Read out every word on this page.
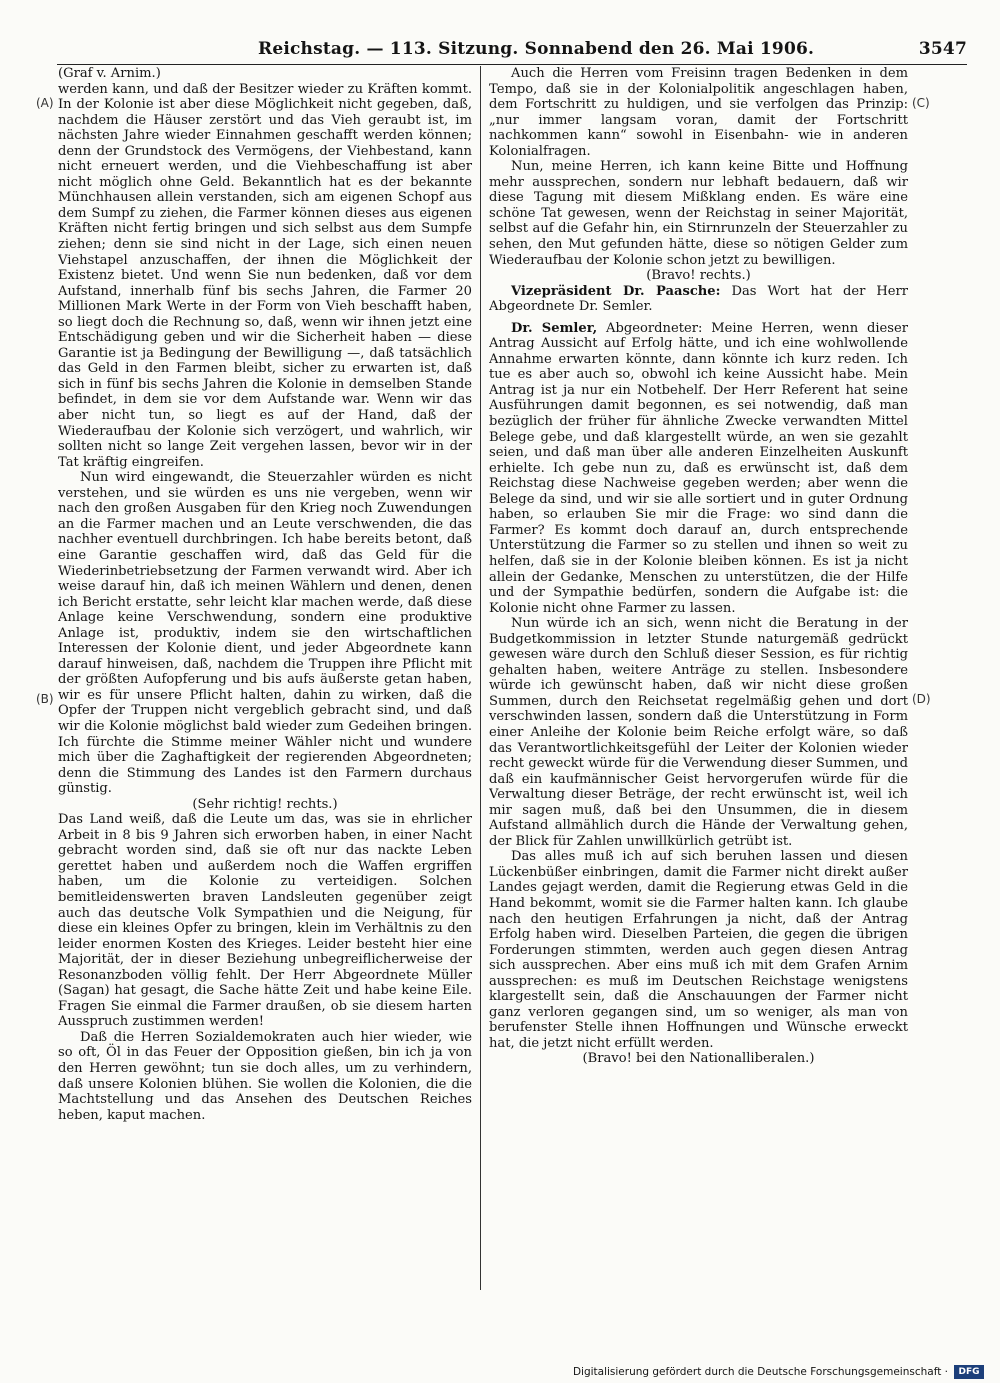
Reichstag. — 113. Sitzung. Sonnabend den 26. Mai 1906.	3547
(A)
(B)
(C)
(D)

(Graf v. Arnim.)

werden kann, und daß der Besitzer wieder zu Kräften kommt. In der Kolonie ist aber diese Möglichkeit nicht gegeben, daß, nachdem die Häuser zerstört und das Vieh geraubt ist, im nächsten Jahre wieder Einnahmen geschafft werden können; denn der Grundstock des Vermögens, der Viehbestand, kann nicht erneuert werden, und die Viehbeschaffung ist aber nicht möglich ohne Geld. Bekanntlich hat es der bekannte Münchhausen allein verstanden, sich am eigenen Schopf aus dem Sumpf zu ziehen, die Farmer können dieses aus eigenen Kräften nicht fertig bringen und sich selbst aus dem Sumpfe ziehen; denn sie sind nicht in der Lage, sich einen neuen Viehstapel anzuschaffen, der ihnen die Möglichkeit der Existenz bietet. Und wenn Sie nun bedenken, daß vor dem Aufstand, innerhalb fünf bis sechs Jahren, die Farmer 20 Millionen Mark Werte in der Form von Vieh beschafft haben, so liegt doch die Rechnung so, daß, wenn wir ihnen jetzt eine Entschädigung geben und wir die Sicherheit haben — diese Garantie ist ja Bedingung der Bewilligung —, daß tatsächlich das Geld in den Farmen bleibt, sicher zu erwarten ist, daß sich in fünf bis sechs Jahren die Kolonie in demselben Stande befindet, in dem sie vor dem Aufstande war. Wenn wir das aber nicht tun, so liegt es auf der Hand, daß der Wiederaufbau der Kolonie sich verzögert, und wahrlich, wir sollten nicht so lange Zeit vergehen lassen, bevor wir in der Tat kräftig eingreifen.

Nun wird eingewandt, die Steuerzahler würden es nicht verstehen, und sie würden es uns nie vergeben, wenn wir nach den großen Ausgaben für den Krieg noch Zuwendungen an die Farmer machen und an Leute verschwenden, die das nachher eventuell durchbringen. Ich habe bereits betont, daß eine Garantie geschaffen wird, daß das Geld für die Wiederinbetriebsetzung der Farmen verwandt wird. Aber ich weise darauf hin, daß ich meinen Wählern und denen, denen ich Bericht erstatte, sehr leicht klar machen werde, daß diese Anlage keine Verschwendung, sondern eine produktive Anlage ist, produktiv, indem sie den wirtschaftlichen Interessen der Kolonie dient, und jeder Abgeordnete kann darauf hinweisen, daß, nachdem die Truppen ihre Pflicht mit der größten Aufopferung und bis aufs äußerste getan haben, wir es für unsere Pflicht halten, dahin zu wirken, daß die Opfer der Truppen nicht vergeblich gebracht sind, und daß wir die Kolonie möglichst bald wieder zum Gedeihen bringen. Ich fürchte die Stimme meiner Wähler nicht und wundere mich über die Zaghaftigkeit der regierenden Abgeordneten; denn die Stimmung des Landes ist den Farmern durchaus günstig.

(Sehr richtig! rechts.)

Das Land weiß, daß die Leute um das, was sie in ehrlicher Arbeit in 8 bis 9 Jahren sich erworben haben, in einer Nacht gebracht worden sind, daß sie oft nur das nackte Leben gerettet haben und außerdem noch die Waffen ergriffen haben, um die Kolonie zu verteidigen. Solchen bemitleidenswerten braven Landsleuten gegenüber zeigt auch das deutsche Volk Sympathien und die Neigung, für diese ein kleines Opfer zu bringen, klein im Verhältnis zu den leider enormen Kosten des Krieges. Leider besteht hier eine Majorität, der in dieser Beziehung unbegreiflicherweise der Resonanzboden völlig fehlt. Der Herr Abgeordnete Müller (Sagan) hat gesagt, die Sache hätte Zeit und habe keine Eile. Fragen Sie einmal die Farmer draußen, ob sie diesem harten Ausspruch zustimmen werden!

Daß die Herren Sozialdemokraten auch hier wieder, wie so oft, Öl in das Feuer der Opposition gießen, bin ich ja von den Herren gewöhnt; tun sie doch alles, um zu verhindern, daß unsere Kolonien blühen. Sie wollen die Kolonien, die die Machtstellung und das Ansehen des Deutschen Reiches heben, kaput machen.

Auch die Herren vom Freisinn tragen Bedenken in dem Tempo, daß sie in der Kolonialpolitik angeschlagen haben, dem Fortschritt zu huldigen, und sie verfolgen das Prinzip: „nur immer langsam voran, damit der Fortschritt nachkommen kann“ sowohl in Eisenbahn- wie in anderen Kolonialfragen.

Nun, meine Herren, ich kann keine Bitte und Hoffnung mehr aussprechen, sondern nur lebhaft bedauern, daß wir diese Tagung mit diesem Mißklang enden. Es wäre eine schöne Tat gewesen, wenn der Reichstag in seiner Majorität, selbst auf die Gefahr hin, ein Stirnrunzeln der Steuerzahler zu sehen, den Mut gefunden hätte, diese so nötigen Gelder zum Wiederaufbau der Kolonie schon jetzt zu bewilligen.

(Bravo! rechts.)

Vizepräsident Dr. Paasche: Das Wort hat der Herr Abgeordnete Dr. Semler.

Dr. Semler, Abgeordneter: Meine Herren, wenn dieser Antrag Aussicht auf Erfolg hätte, und ich eine wohlwollende Annahme erwarten könnte, dann könnte ich kurz reden. Ich tue es aber auch so, obwohl ich keine Aussicht habe. Mein Antrag ist ja nur ein Notbehelf. Der Herr Referent hat seine Ausführungen damit begonnen, es sei notwendig, daß man bezüglich der früher für ähnliche Zwecke verwandten Mittel Belege gebe, und daß klargestellt würde, an wen sie gezahlt seien, und daß man über alle anderen Einzelheiten Auskunft erhielte. Ich gebe nun zu, daß es erwünscht ist, daß dem Reichstag diese Nachweise gegeben werden; aber wenn die Belege da sind, und wir sie alle sortiert und in guter Ordnung haben, so erlauben Sie mir die Frage: wo sind dann die Farmer? Es kommt doch darauf an, durch entsprechende Unterstützung die Farmer so zu stellen und ihnen so weit zu helfen, daß sie in der Kolonie bleiben können. Es ist ja nicht allein der Gedanke, Menschen zu unterstützen, die der Hilfe und der Sympathie bedürfen, sondern die Aufgabe ist: die Kolonie nicht ohne Farmer zu lassen.

Nun würde ich an sich, wenn nicht die Beratung in der Budgetkommission in letzter Stunde naturgemäß gedrückt gewesen wäre durch den Schluß dieser Session, es für richtig gehalten haben, weitere Anträge zu stellen. Insbesondere würde ich gewünscht haben, daß wir nicht diese großen Summen, durch den Reichsetat regelmäßig gehen und dort verschwinden lassen, sondern daß die Unterstützung in Form einer Anleihe der Kolonie beim Reiche erfolgt wäre, so daß das Verantwortlichkeitsgefühl der Leiter der Kolonien wieder recht geweckt würde für die Verwendung dieser Summen, und daß ein kaufmännischer Geist hervorgerufen würde für die Verwaltung dieser Beträge, der recht erwünscht ist, weil ich mir sagen muß, daß bei den Unsummen, die in diesem Aufstand allmählich durch die Hände der Verwaltung gehen, der Blick für Zahlen unwillkürlich getrübt ist.

Das alles muß ich auf sich beruhen lassen und diesen Lückenbüßer einbringen, damit die Farmer nicht direkt außer Landes gejagt werden, damit die Regierung etwas Geld in die Hand bekommt, womit sie die Farmer halten kann. Ich glaube nach den heutigen Erfahrungen ja nicht, daß der Antrag Erfolg haben wird. Dieselben Parteien, die gegen die übrigen Forderungen stimmten, werden auch gegen diesen Antrag sich aussprechen. Aber eins muß ich mit dem Grafen Arnim aussprechen: es muß im Deutschen Reichstage wenigstens klargestellt sein, daß die Anschauungen der Farmer nicht ganz verloren gegangen sind, um so weniger, als man von berufenster Stelle ihnen Hoffnungen und Wünsche erweckt hat, die jetzt nicht erfüllt werden.

(Bravo! bei den Nationalliberalen.)

Digitalisierung gefördert durch die Deutsche Forschungsgemeinschaft ·	DFG
